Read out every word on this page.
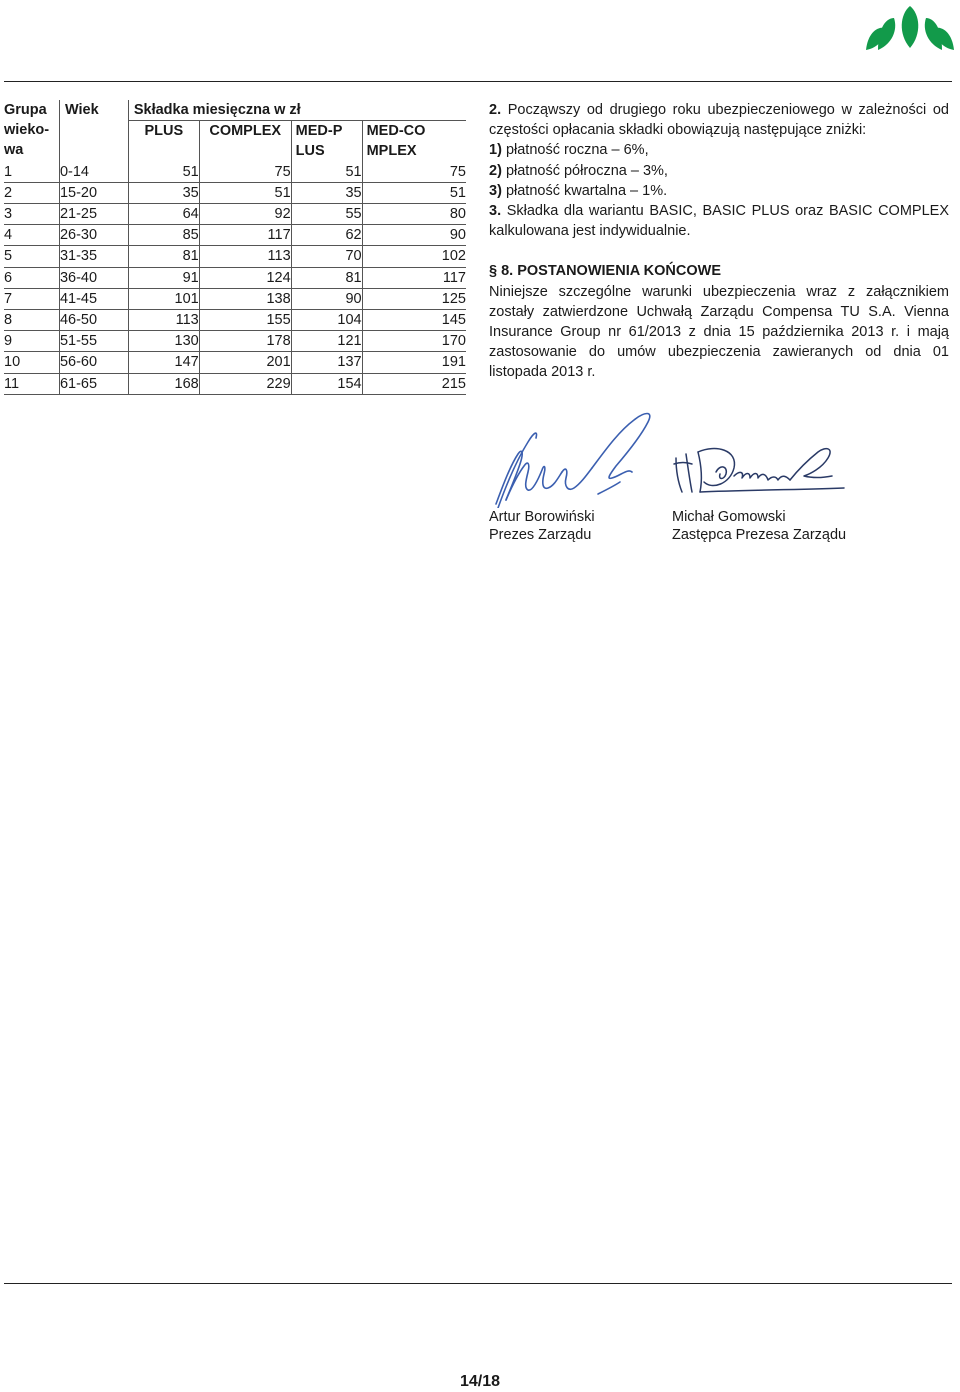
Grupa wieko-wa	Wiek	Składka miesięczna w zł			
		PLUS	COMPLEX	MED-PLUS	MED-COMPLEX

1	0-14	51	75	51	75
2	15-20	35	51	35	51
3	21-25	64	92	55	80
4	26-30	85	117	62	90
5	31-35	81	113	70	102
6	36-40	91	124	81	117
7	41-45	101	138	90	125
8	46-50	113	155	104	145
9	51-55	130	178	121	170
10	56-60	147	201	137	191
11	61-65	168	229	154	215

2. Począwszy od drugiego roku ubezpieczeniowego w zależności od częstości opłacania składki obowiązują następujące zniżki:

1) płatność roczna – 6%,

2) płatność półroczna – 3%,

3) płatność kwartalna – 1%.

3. Składka dla wariantu BASIC, BASIC PLUS oraz BASIC COMPLEX kalkulowana jest indywidualnie.

§ 8. POSTANOWIENIA KOŃCOWE

Niniejsze szczególne warunki ubezpieczenia wraz z załącznikiem zostały zatwierdzone Uchwałą Zarządu Compensa TU S.A. Vienna Insurance Group nr 61/2013 z dnia 15 października 2013 r. i mają zastosowanie do umów ubezpieczenia zawieranych od dnia 01 listopada 2013 r.

Artur Borowiński
Prezes Zarządu
Michał Gomowski
Zastępca Prezesa Zarządu
14/18
